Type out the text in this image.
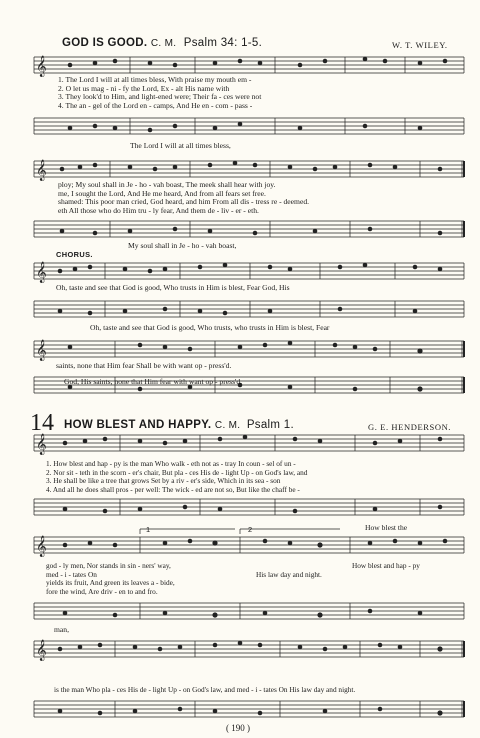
GOD IS GOOD. C. M. Psalm 34: 1-5.	W. T. WILEY.
𝄞
1. The Lord I will at all times bless, With praise my mouth em -
2. O let us mag - ni - fy the Lord, Ex - alt His name with
3. They look'd to Him, and light-ened were; Their fa - ces were not
4. The an - gel of the Lord en - camps, And He en - com - pass -
The Lord I will at all times bless,
𝄞
ploy; My soul shall in Je - ho - vah boast, The meek shall hear with joy.
me, I sought the Lord, And He me heard, And from all fears set free.
shamed: This poor man cried, God heard, and him From all dis - tress re - deemed.
eth All those who do Him tru - ly fear, And them de - liv - er - eth.
My soul shall in Je - ho - vah boast,
CHORUS.
𝄞
Oh, taste and see that God is good, Who trusts in Him is blest, Fear God, His
Oh, taste and see that God is good, Who trusts, who trusts in Him is blest, Fear
𝄞
saints, none that Him fear Shall be with want op - press'd.
God, His saints, none that Him fear with want op - press'd.
14 HOW BLEST AND HAPPY. C. M. Psalm 1.	G. E. HENDERSON.
𝄞
1. How blest and hap - py is the man Who walk - eth not as - tray In coun - sel of un -
2. Nor sit - teth in the scorn - er's chair, But pla - ces His de - light Up - on God's law, and
3. He shall be like a tree that grows Set by a riv - er's side, Which in its sea - son
4. And all he does shall pros - per well: The wick - ed are not so, But like the chaff be -
1	2	How blest the
𝄞
god - ly men, Nor stands in sin - ners' way,
med - i - tates On
yields its fruit, And green its leaves a - bide,
fore the wind, Are driv - en to and fro.
His law day and night.
How blest and hap - py
man,
𝄞
is the man Who pla - ces His de - light Up - on God's law, and med - i - tates On His law day and night.
( 190 )
